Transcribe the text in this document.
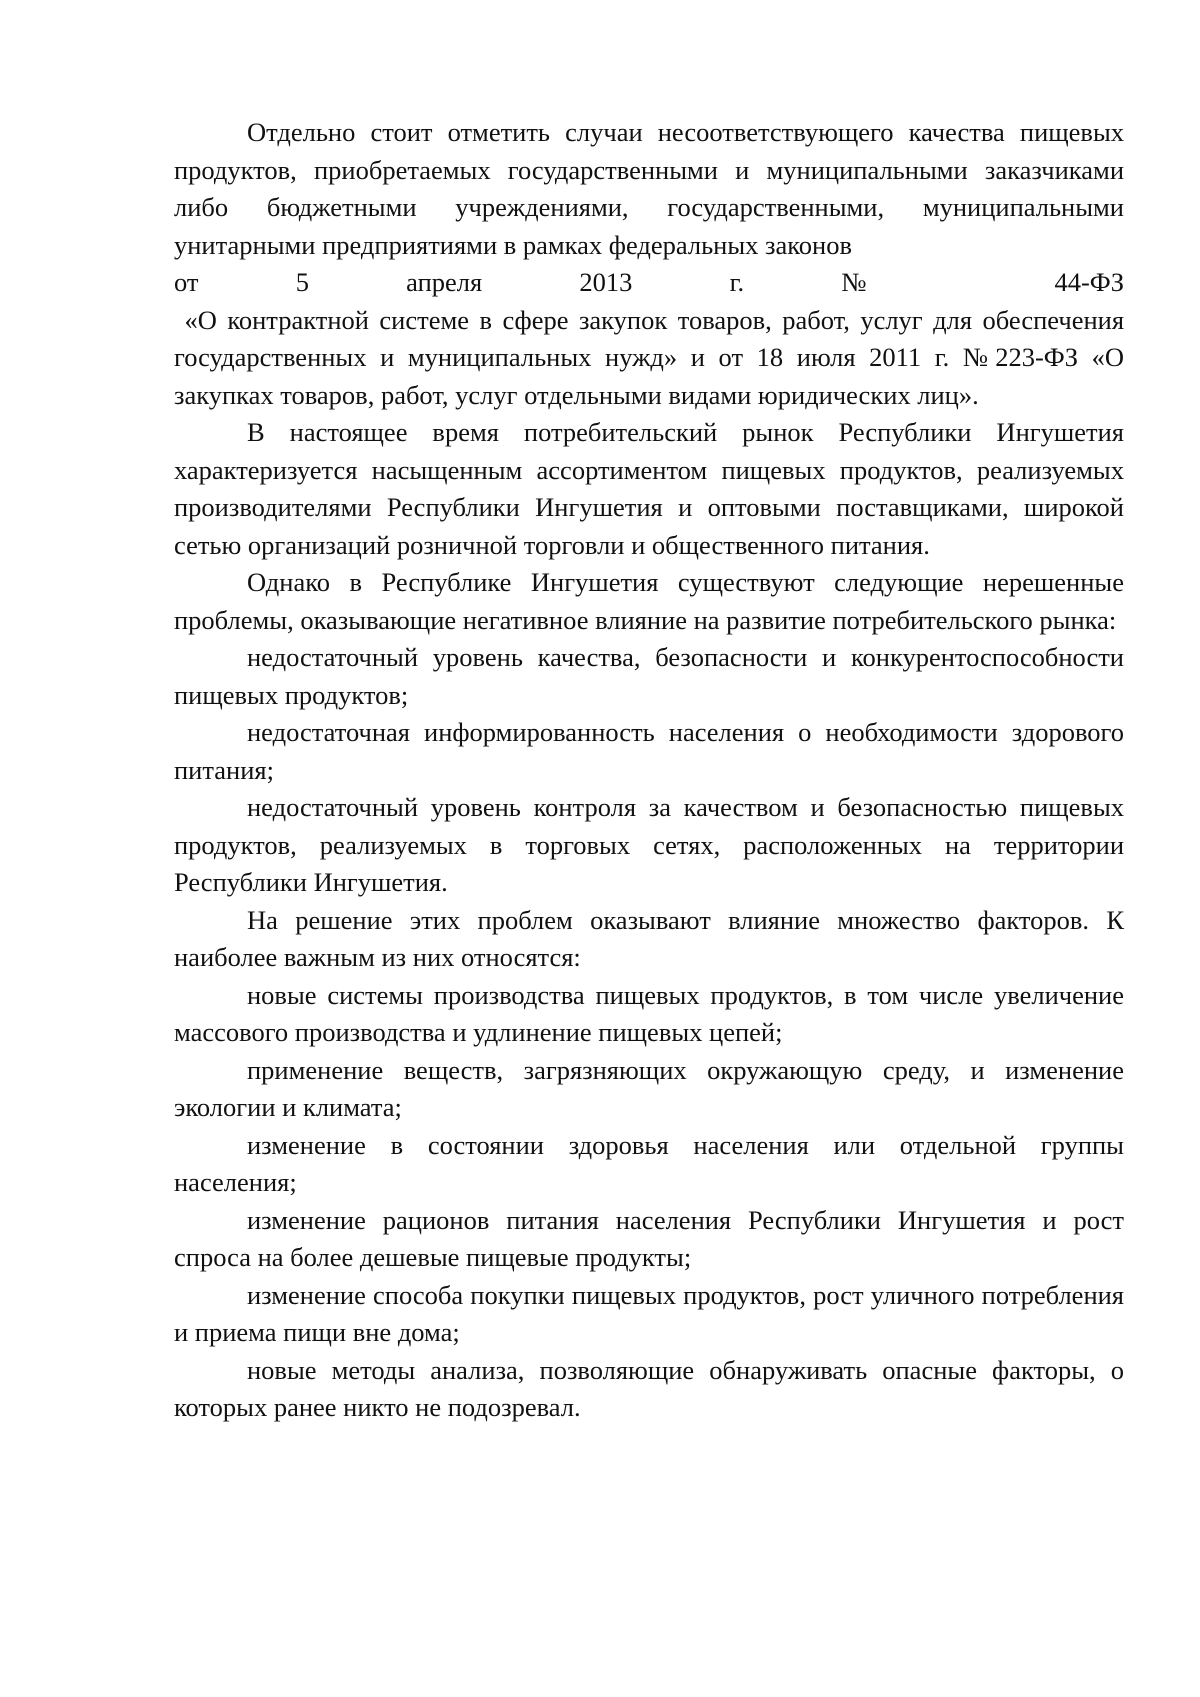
Отдельно стоит отметить случаи несоответствующего качества пищевых продуктов, приобретаемых государственными и муниципальными заказчиками либо бюджетными учреждениями, государственными, муниципальными унитарными предприятиями в рамках федеральных законов
от 5 апреля 2013 г. № 44-ФЗ
«О контрактной системе в сфере закупок товаров, работ, услуг для обеспечения государственных и муниципальных нужд» и от 18 июля 2011 г. №223-ФЗ «О закупках товаров, работ, услуг отдельными видами юридических лиц».

В настоящее время потребительский рынок Республики Ингушетия характеризуется насыщенным ассортиментом пищевых продуктов, реализуемых производителями Республики Ингушетия и оптовыми поставщиками, широкой сетью организаций розничной торговли и общественного питания.

Однако в Республике Ингушетия существуют следующие нерешенные проблемы, оказывающие негативное влияние на развитие потребительского рынка:

недостаточный уровень качества, безопасности и конкурентоспособности пищевых продуктов;

недостаточная информированность населения о необходимости здорового питания;

недостаточный уровень контроля за качеством и безопасностью пищевых продуктов, реализуемых в торговых сетях, расположенных на территории Республики Ингушетия.

На решение этих проблем оказывают влияние множество факторов. К наиболее важным из них относятся:

новые системы производства пищевых продуктов, в том числе увеличение массового производства и удлинение пищевых цепей;

применение веществ, загрязняющих окружающую среду, и изменение экологии и климата;

изменение в состоянии здоровья населения или отдельной группы населения;

изменение рационов питания населения Республики Ингушетия и рост спроса на более дешевые пищевые продукты;

изменение способа покупки пищевых продуктов, рост уличного потребления и приема пищи вне дома;

новые методы анализа, позволяющие обнаруживать опасные факторы, о которых ранее никто не подозревал.
